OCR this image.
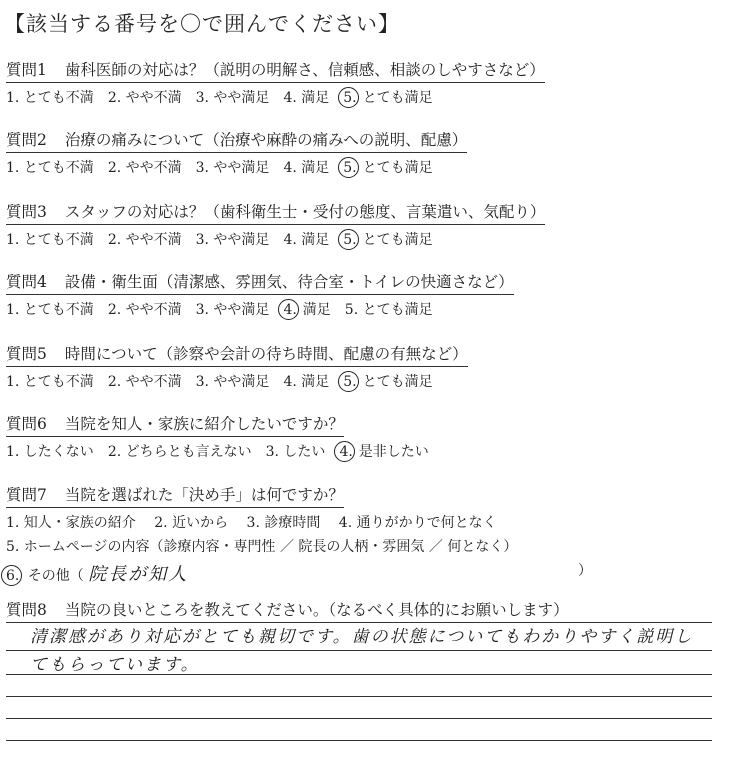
【該当する番号を〇で囲んでください】
質問1 歯科医師の対応は？（説明の明解さ、信頼感、相談のしやすさなど）
1. とても不満 2. やや不満 3. やや満足 4. 満足 5. とても満足
質問2 治療の痛みについて（治療や麻酔の痛みへの説明、配慮）
1. とても不満 2. やや不満 3. やや満足 4. 満足 5. とても満足
質問3 スタッフの対応は？（歯科衛生士・受付の態度、言葉遣い、気配り）
1. とても不満 2. やや不満 3. やや満足 4. 満足 5. とても満足
質問4 設備・衛生面（清潔感、雰囲気、待合室・トイレの快適さなど）
1. とても不満 2. やや不満 3. やや満足 4. 満足 5. とても満足
質問5 時間について（診察や会計の待ち時間、配慮の有無など）
1. とても不満 2. やや不満 3. やや満足 4. 満足 5. とても満足
質問6 当院を知人・家族に紹介したいですか？
1. したくない 2. どちらとも言えない 3. したい 4. 是非したい
質問7 当院を選ばれた「決め手」は何ですか？
1. 知人・家族の紹介 2. 近いから 3. 診療時間 4. 通りがかりで何となく
5. ホームページの内容（診療内容・専門性 ／ 院長の人柄・雰囲気 ／ 何となく）
6. その他（ 院長が知人	）
質問8 当院の良いところを教えてください。（なるべく具体的にお願いします）
清潔感があり対応がとても親切です。歯の状態についてもわかりやすく説明してもらっています。
